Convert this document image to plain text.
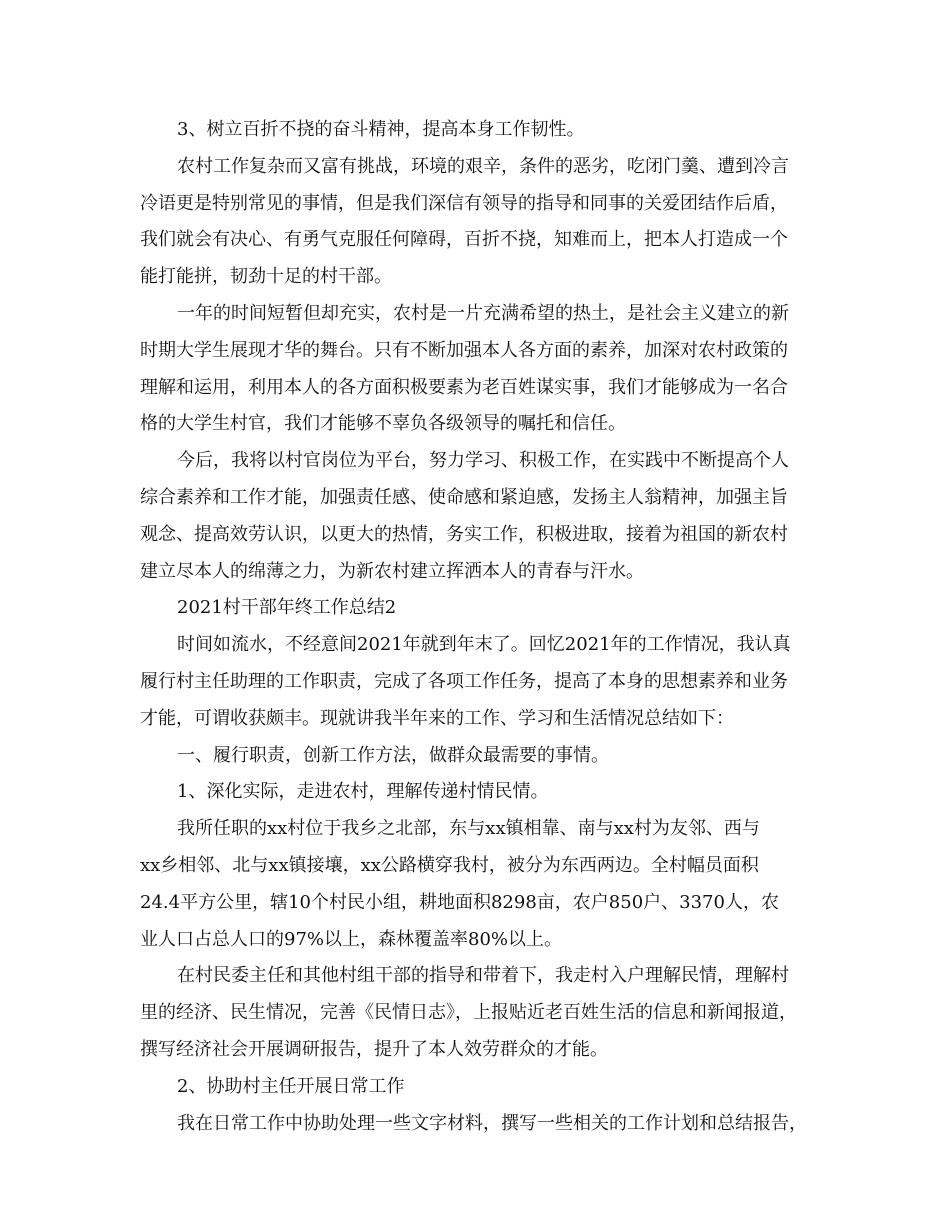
3、树立百折不挠的奋斗精神，提高本身工作韧性。
农村工作复杂而又富有挑战，环境的艰辛，条件的恶劣，吃闭门羹、遭到冷言
冷语更是特别常见的事情，但是我们深信有领导的指导和同事的关爱团结作后盾，
我们就会有决心、有勇气克服任何障碍，百折不挠，知难而上，把本人打造成一个
能打能拼，韧劲十足的村干部。
一年的时间短暂但却充实，农村是一片充满希望的热土，是社会主义建立的新
时期大学生展现才华的舞台。只有不断加强本人各方面的素养，加深对农村政策的
理解和运用，利用本人的各方面积极要素为老百姓谋实事，我们才能够成为一名合
格的大学生村官，我们才能够不辜负各级领导的嘱托和信任。
今后，我将以村官岗位为平台，努力学习、积极工作，在实践中不断提高个人
综合素养和工作才能，加强责任感、使命感和紧迫感，发扬主人翁精神，加强主旨
观念、提高效劳认识，以更大的热情，务实工作，积极进取，接着为祖国的新农村
建立尽本人的绵薄之力，为新农村建立挥洒本人的青春与汗水。
2021村干部年终工作总结2
时间如流水，不经意间2021年就到年末了。回忆2021年的工作情况，我认真
履行村主任助理的工作职责，完成了各项工作任务，提高了本身的思想素养和业务
才能，可谓收获颇丰。现就讲我半年来的工作、学习和生活情况总结如下：
一、履行职责，创新工作方法，做群众最需要的事情。
1、深化实际，走进农村，理解传递村情民情。
我所任职的xx村位于我乡之北部，东与xx镇相靠、南与xx村为友邻、西与
xx乡相邻、北与xx镇接壤，xx公路横穿我村，被分为东西两边。全村幅员面积
24.4平方公里，辖10个村民小组，耕地面积8298亩，农户850户、3370人，农
业人口占总人口的97%以上，森林覆盖率80%以上。
在村民委主任和其他村组干部的指导和带着下，我走村入户理解民情，理解村
里的经济、民生情况，完善《民情日志》，上报贴近老百姓生活的信息和新闻报道，
撰写经济社会开展调研报告，提升了本人效劳群众的才能。
2、协助村主任开展日常工作
我在日常工作中协助处理一些文字材料，撰写一些相关的工作计划和总结报告，
